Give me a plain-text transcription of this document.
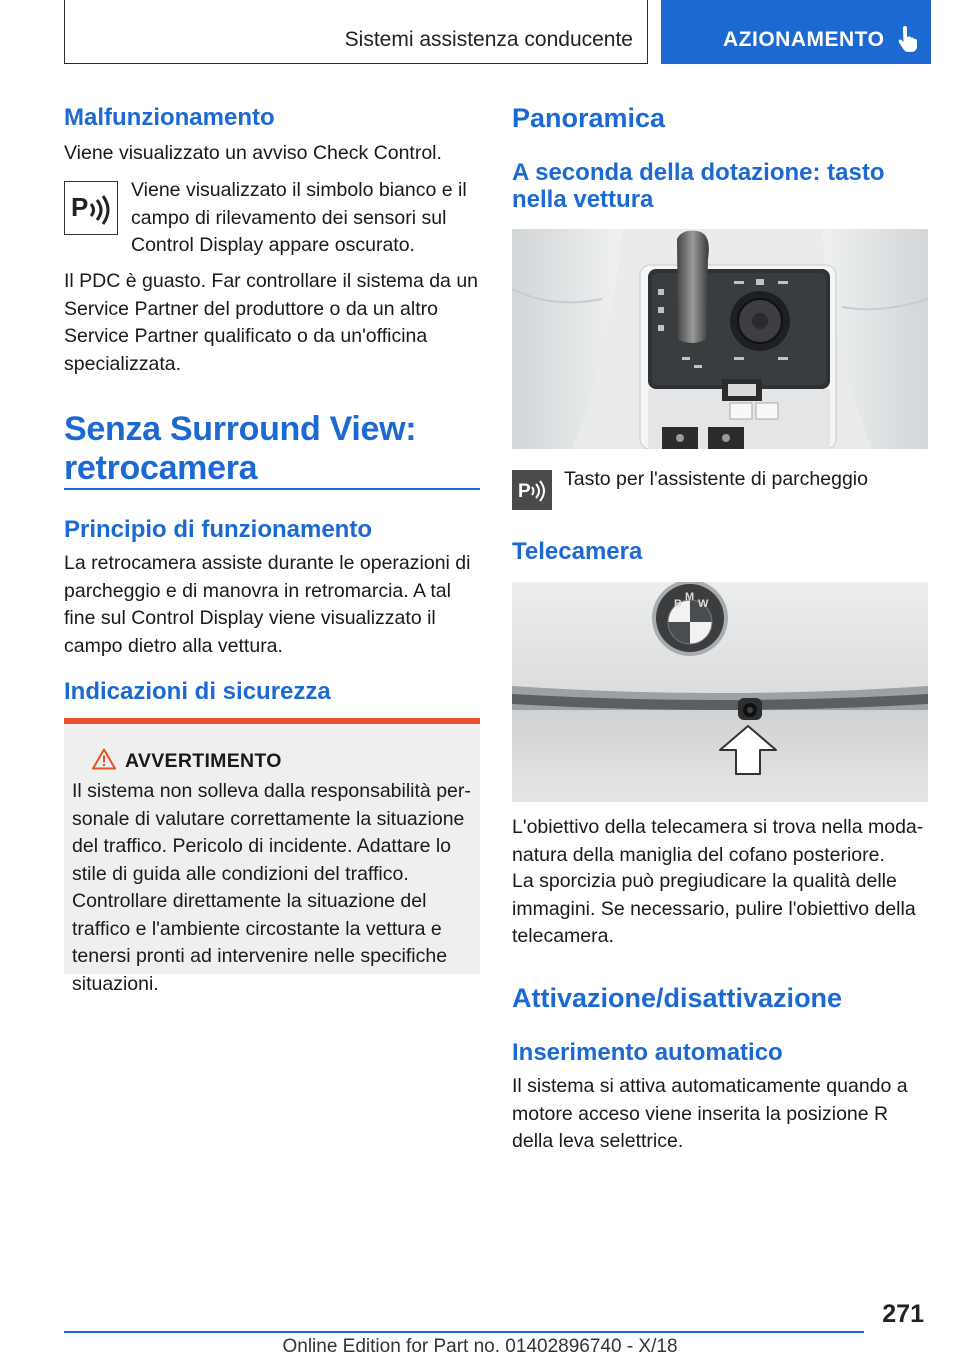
Sistemi assistenza conducente	AZIONAMENTO
Malfunzionamento
Viene visualizzato un avviso Check Control.
P
Viene visualizzato il simbolo bianco e il campo di rilevamento dei sensori sul Control Display appare oscurato.
Il PDC è guasto. Far controllare il sistema da un Service Partner del produttore o da un altro Service Partner qualificato o da un'officina specializzata.
Senza Surround View: retrocamera
Principio di funzionamento
La retrocamera assiste durante le operazioni di parcheggio e di manovra in retromarcia. A tal fine sul Control Display viene visualizzato il campo dietro alla vettura.
Indicazioni di sicurezza
AVVERTIMENTO
Il sistema non solleva dalla responsabilità personale di valutare correttamente la situazione del traffico. Pericolo di incidente. Adattare lo stile di guida alle condizioni del traffico. Controllare direttamente la situazione del traffico e l'ambiente circostante la vettura e tenersi pronti ad intervenire nelle specifiche situazioni.
Panoramica
A seconda della dotazione: tasto nella vettura
P
Tasto per l'assistente di parcheggio
Telecamera
B
M
W
L'obiettivo della telecamera si trova nella modanatura della maniglia del cofano posteriore.
La sporcizia può pregiudicare la qualità delle immagini. Se necessario, pulire l'obiettivo della telecamera.
Attivazione/disattivazione
Inserimento automatico
Il sistema si attiva automaticamente quando a motore acceso viene inserita la posizione R della leva selettrice.
271
Online Edition for Part no. 01402896740 - X/18
